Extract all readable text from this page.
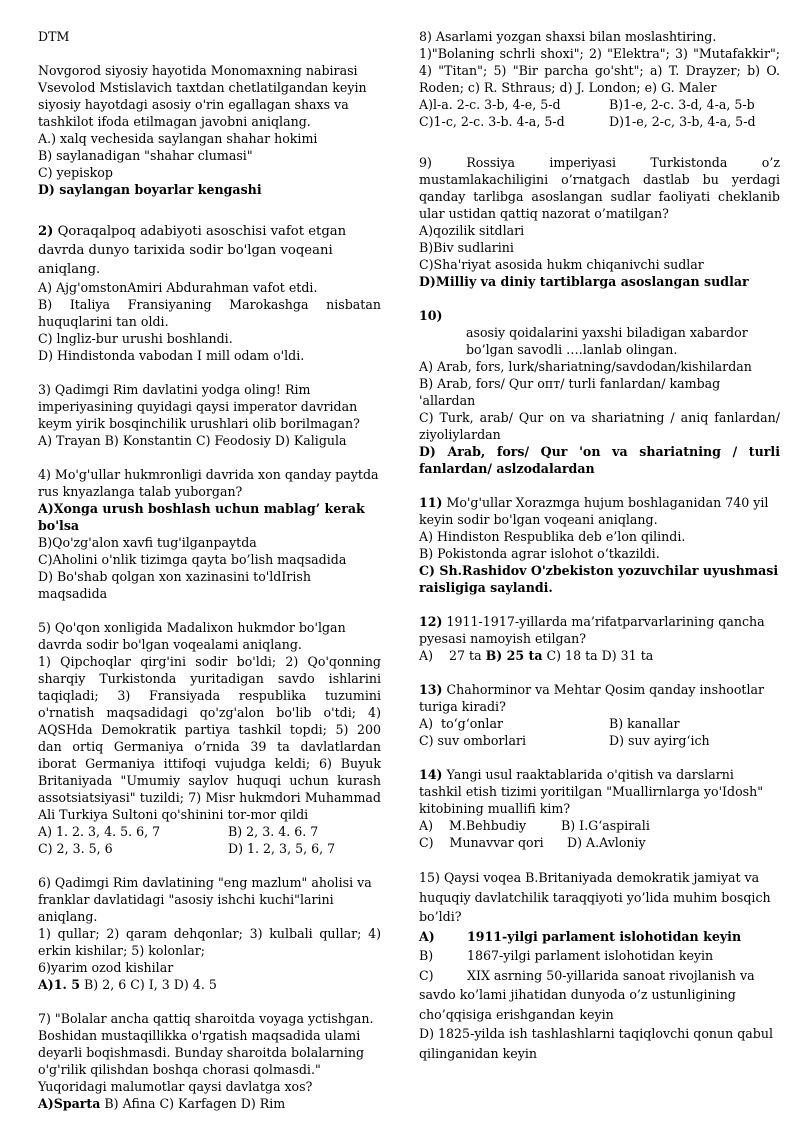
DTM

Novgorod siyosiy hayotida Monomaxning nabirasi Vsevolod Mstislavich taxtdan chetlatilgandan keyin siyosiy hayotdagi asosiy o'rin egallagan shaxs va tashkilot ifoda etilmagan javobni aniqlang.

A.) xalq vechesida saylangan shahar hokimi

B) saylanadigan "shahar clumasi"

C) yepiskop

D) saylangan boyarlar kengashi

2) Qoraqalpoq adabiyoti asoschisi vafot etgan davrda dunyo tarixida sodir bo'lgan voqeani aniqlang.

A) Ajg'omstonAmiri Abdurahman vafot etdi.

B) Italiya Fransiyaning Marokashga nisbatan huquqlarini tan oldi.

C) lngliz-bur urushi boshlandi.

D) Hindistonda vabodan I mill odam o'ldi.

3) Qadimgi Rim davlatini yodga oling! Rim imperiyasining quyidagi qaysi imperator davridan keym yirik bosqinchilik urushlari olib borilmagan?

A) Trayan B) Konstantin C) Feodosiy D) Kaligula

4) Mo'g'ullar hukmronligi davrida xon qanday paytda rus knyazlanga talab yuborgan?

A)Xonga urush boshlash uchun mablag’ kerak bo'lsa

B)Qo'zg'alon xavfi tug'ilganpaytda

C)Aholini o'nlik tizimga qayta bo’lish maqsadida

D) Bo'shab qolgan xon xazinasini to'ldIrish maqsadida

5) Qo'qon xonligida Madalixon hukmdor bo'lgan davrda sodir bo'lgan voqealami aniqlang.

1) Qipchoqlar qirg'ini sodir bo'ldi; 2) Qo'qonning sharqiy Turkistonda yuritadigan savdo ishlarini taqiqladi; 3) Fransiyada respublika tuzumini o'rnatish maqsadidagi qo'zg'alon bo'lib o'tdi; 4) AQSHda Demokratik partiya tashkil topdi; 5) 200 dan ortiq Germaniya o’rnida 39 ta davlatlardan iborat Germaniya ittifoqi vujudga keldi; 6) Buyuk Britaniyada "Umumiy saylov huquqi uchun kurash assotsiatsiyasi" tuzildi; 7) Misr hukmdori Muhammad Ali Turkiya Sultoni qo'shinini tor-mor qildi

A) 1. 2. 3, 4. 5. 6, 7	B) 2, 3. 4. 6. 7
C) 2, 3. 5, 6	D) 1. 2, 3, 5, 6, 7

6) Qadimgi Rim davlatining "eng mazlum" aholisi va franklar davlatidagi "asosiy ishchi kuchi"larini aniqlang.

1) qullar; 2) qaram dehqonlar; 3) kulbali qullar; 4) erkin kishilar; 5) kolonlar;

6)yarim ozod kishilar

A)1. 5 B) 2, 6 C) I, 3 D) 4. 5

7) "Bolalar ancha qattiq sharoitda voyaga yctishgan. Boshidan mustaqillikka o'rgatish maqsadida ulami deyarli boqishmasdi. Bunday sharoitda bolalarning o'g'rilik qilishdan boshqa chorasi qolmasdi." Yuqoridagi malumotlar qaysi davlatga xos?

A)Sparta B) Afina C) Karfagen D) Rim

8) Asarlami yozgan shaxsi bilan moslashtiring.

1)"Bolaning schrli shoxi"; 2) "Elektra"; 3) "Mutafakkir"; 4) "Titan"; 5) "Bir parcha go'sht"; a) T. Drayzer; b) O. Roden; c) R. Sthraus; d) J. London; e) G. Maler

A)l-a. 2-c. 3-b, 4-e, 5-d	B)1-e, 2-c. 3-d, 4-a, 5-b
C)1-c, 2-c. 3-b. 4-a, 5-d	D)1-e, 2-c, 3-b, 4-a, 5-d

9) Rossiya imperiyasi Turkistonda o’z mustamlakachiligini o’rnatgach dastlab bu yerdagi qanday tarlibga asoslangan sudlar faoliyati cheklanib ular ustidan qattiq nazorat o’matilgan?

A)qozilik sitdlari

B)Biv sudlarini

C)Sha'riyat asosida hukm chiqanivchi sudlar

D)Milliy va diniy tartiblarga asoslangan sudlar

10)

asosiy qoidalarini yaxshi biladigan xabardor bo’lgan savodli ….lanlab olingan.

A) Arab, fors, lurk/shariatning/savdodan/kishilardan

B) Arab, fors/ Qur опт/ turli fanlardan/ kambag 'allardan

C) Turk, arab/ Qur on va shariatning / aniq fanlardan/ ziyoliylardan

D) Arab, fors/ Qur 'on va shariatning / turli fanlardan/ aslzodalardan

11) Moꞌgꞌullar Xorazmga hujum boshlaganidan 740 yil keyin sodir boꞌlgan voqeani aniqlang.

A) Hindiston Respublika deb e’lon qilindi.

B) Pokistonda agrar islohot oʻtkazildi.

C) Sh.Rashidov O'zbekiston yozuvchilar uyushmasi raisligiga saylandi.

12) 1911-1917-yillarda ma’rifatparvarlarining qancha pyesasi namoyish etilgan?

A)    27 ta B) 25 ta C) 18 ta D) 31 ta

13) Chahorminor va Mehtar Qosim qanday inshootlar turiga kiradi?

A)  toʻgʻonlar	B) kanallar
C) suv omborlari	D) suv ayirgʻich

14) Yangi usul raaktablarida o'qitish va darslarni tashkil etish tizimi yoritilgan "Muallirnlarga yo'Idosh" kitobining muallifi kim?

A)    M.Behbudiy	B) I.Gʻaspirali

C)    Munavvar qori D) A.Avloniy

15) Qaysi voqea B.Britaniyada demokratik jamiyat va huquqiy davlatchilik taraqqiyoti yo’lida muhim bosqich bo’ldi?

A)	1911-yilgi parlament islohotidan keyin

B)	1867-yilgi parlament islohotidan keyin

C)	XIX asrning 50-yillarida sanoat rivojlanish va savdo ko’lami jihatidan dunyoda o’z ustunligining cho’qqisiga erishgandan keyin

D) 1825-yilda ish tashlashlarni taqiqlovchi qonun qabul qilinganidan keyin
